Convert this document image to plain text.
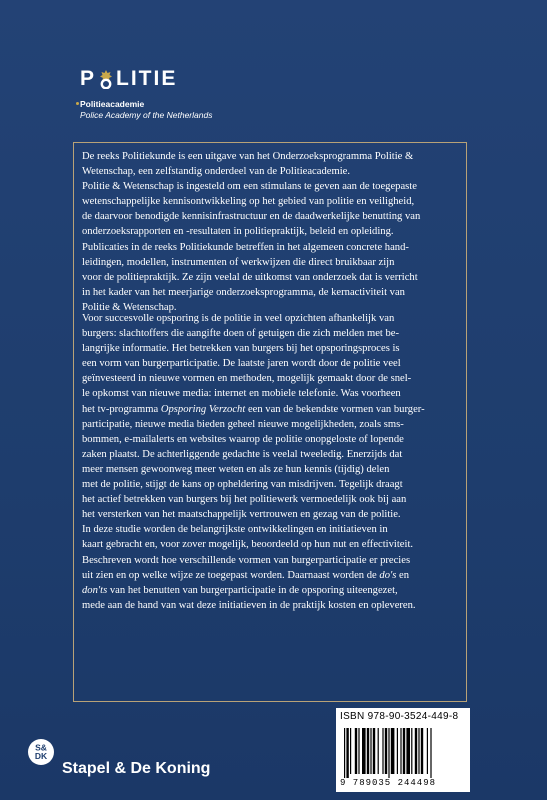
P LITIE
Politieacademie
Police Academy of the Netherlands

De reeks Politiekunde is een uitgave van het Onderzoeksprogramma Politie &

Wetenschap, een zelfstandig onderdeel van de Politieacademie.

Politie & Wetenschap is ingesteld om een stimulans te geven aan de toegepaste

wetenschappelijke kennisontwikkeling op het gebied van politie en veiligheid,

de daarvoor benodigde kennisinfrastructuur en de daadwerkelijke benutting van

onderzoeksrapporten en -resultaten in politiepraktijk, beleid en opleiding.

Publicaties in de reeks Politiekunde betreffen in het algemeen concrete hand-

leidingen, modellen, instrumenten of werkwijzen die direct bruikbaar zijn

voor de politiepraktijk. Ze zijn veelal de uitkomst van onderzoek dat is verricht

in het kader van het meerjarige onderzoeksprogramma, de kernactiviteit van

Politie & Wetenschap.

Voor succesvolle opsporing is de politie in veel opzichten afhankelijk van

burgers: slachtoffers die aangifte doen of getuigen die zich melden met be-

langrijke informatie. Het betrekken van burgers bij het opsporingsproces is

een vorm van burgerparticipatie. De laatste jaren wordt door de politie veel

geïnvesteerd in nieuwe vormen en methoden, mogelijk gemaakt door de snel-

le opkomst van nieuwe media: internet en mobiele telefonie. Was voorheen

het tv-programma Opsporing Verzocht een van de bekendste vormen van burger-

participatie, nieuwe media bieden geheel nieuwe mogelijkheden, zoals sms-

bommen, e-mailalerts en websites waarop de politie onopgeloste of lopende

zaken plaatst. De achterliggende gedachte is veelal tweeledig. Enerzijds dat

meer mensen gewoonweg meer weten en als ze hun kennis (tijdig) delen

met de politie, stijgt de kans op opheldering van misdrijven. Tegelijk draagt

het actief betrekken van burgers bij het politiewerk vermoedelijk ook bij aan

het versterken van het maatschappelijk vertrouwen en gezag van de politie.

In deze studie worden de belangrijkste ontwikkelingen en initiatieven in

kaart gebracht en, voor zover mogelijk, beoordeeld op hun nut en effectiviteit.

Beschreven wordt hoe verschillende vormen van burgerparticipatie er precies

uit zien en op welke wijze ze toegepast worden. Daarnaast worden de do's en

don'ts van het benutten van burgerparticipatie in de opsporing uiteengezet,

mede aan de hand van wat deze initiatieven in de praktijk kosten en opleveren.

ISBN 978-90-3524-449-8
9 789035 244498
S&
DK
Stapel & De Koning
